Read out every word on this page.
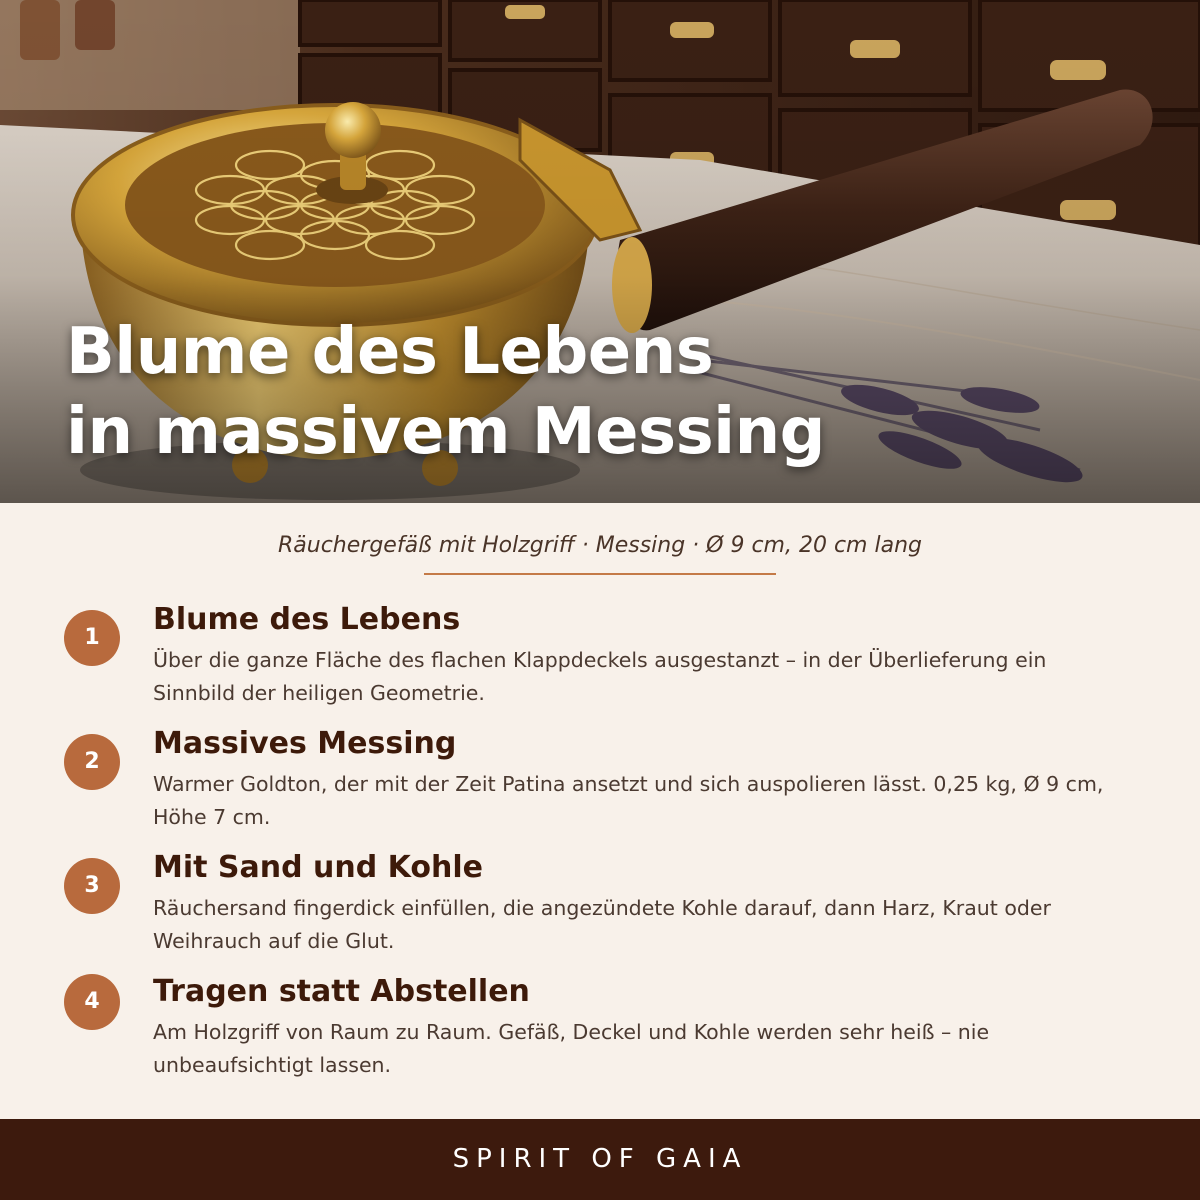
Blume des Lebens
in massivem Messing
Räuchergefäß mit Holzgriff · Messing · Ø 9 cm, 20 cm lang
1
Blume des Lebens
Über die ganze Fläche des flachen Klappdeckels ausgestanzt – in der Überlieferung ein Sinnbild der heiligen Geometrie.
2
Massives Messing
Warmer Goldton, der mit der Zeit Patina ansetzt und sich auspolieren lässt. 0,25 kg, Ø 9 cm, Höhe 7 cm.
3
Mit Sand und Kohle
Räuchersand fingerdick einfüllen, die angezündete Kohle darauf, dann Harz, Kraut oder Weihrauch auf die Glut.
4	Tragen statt Abstellen
Am Holzgriff von Raum zu Raum. Gefäß, Deckel und Kohle werden sehr heiß – nie unbeaufsichtigt lassen.
SPIRIT OF GAIA
